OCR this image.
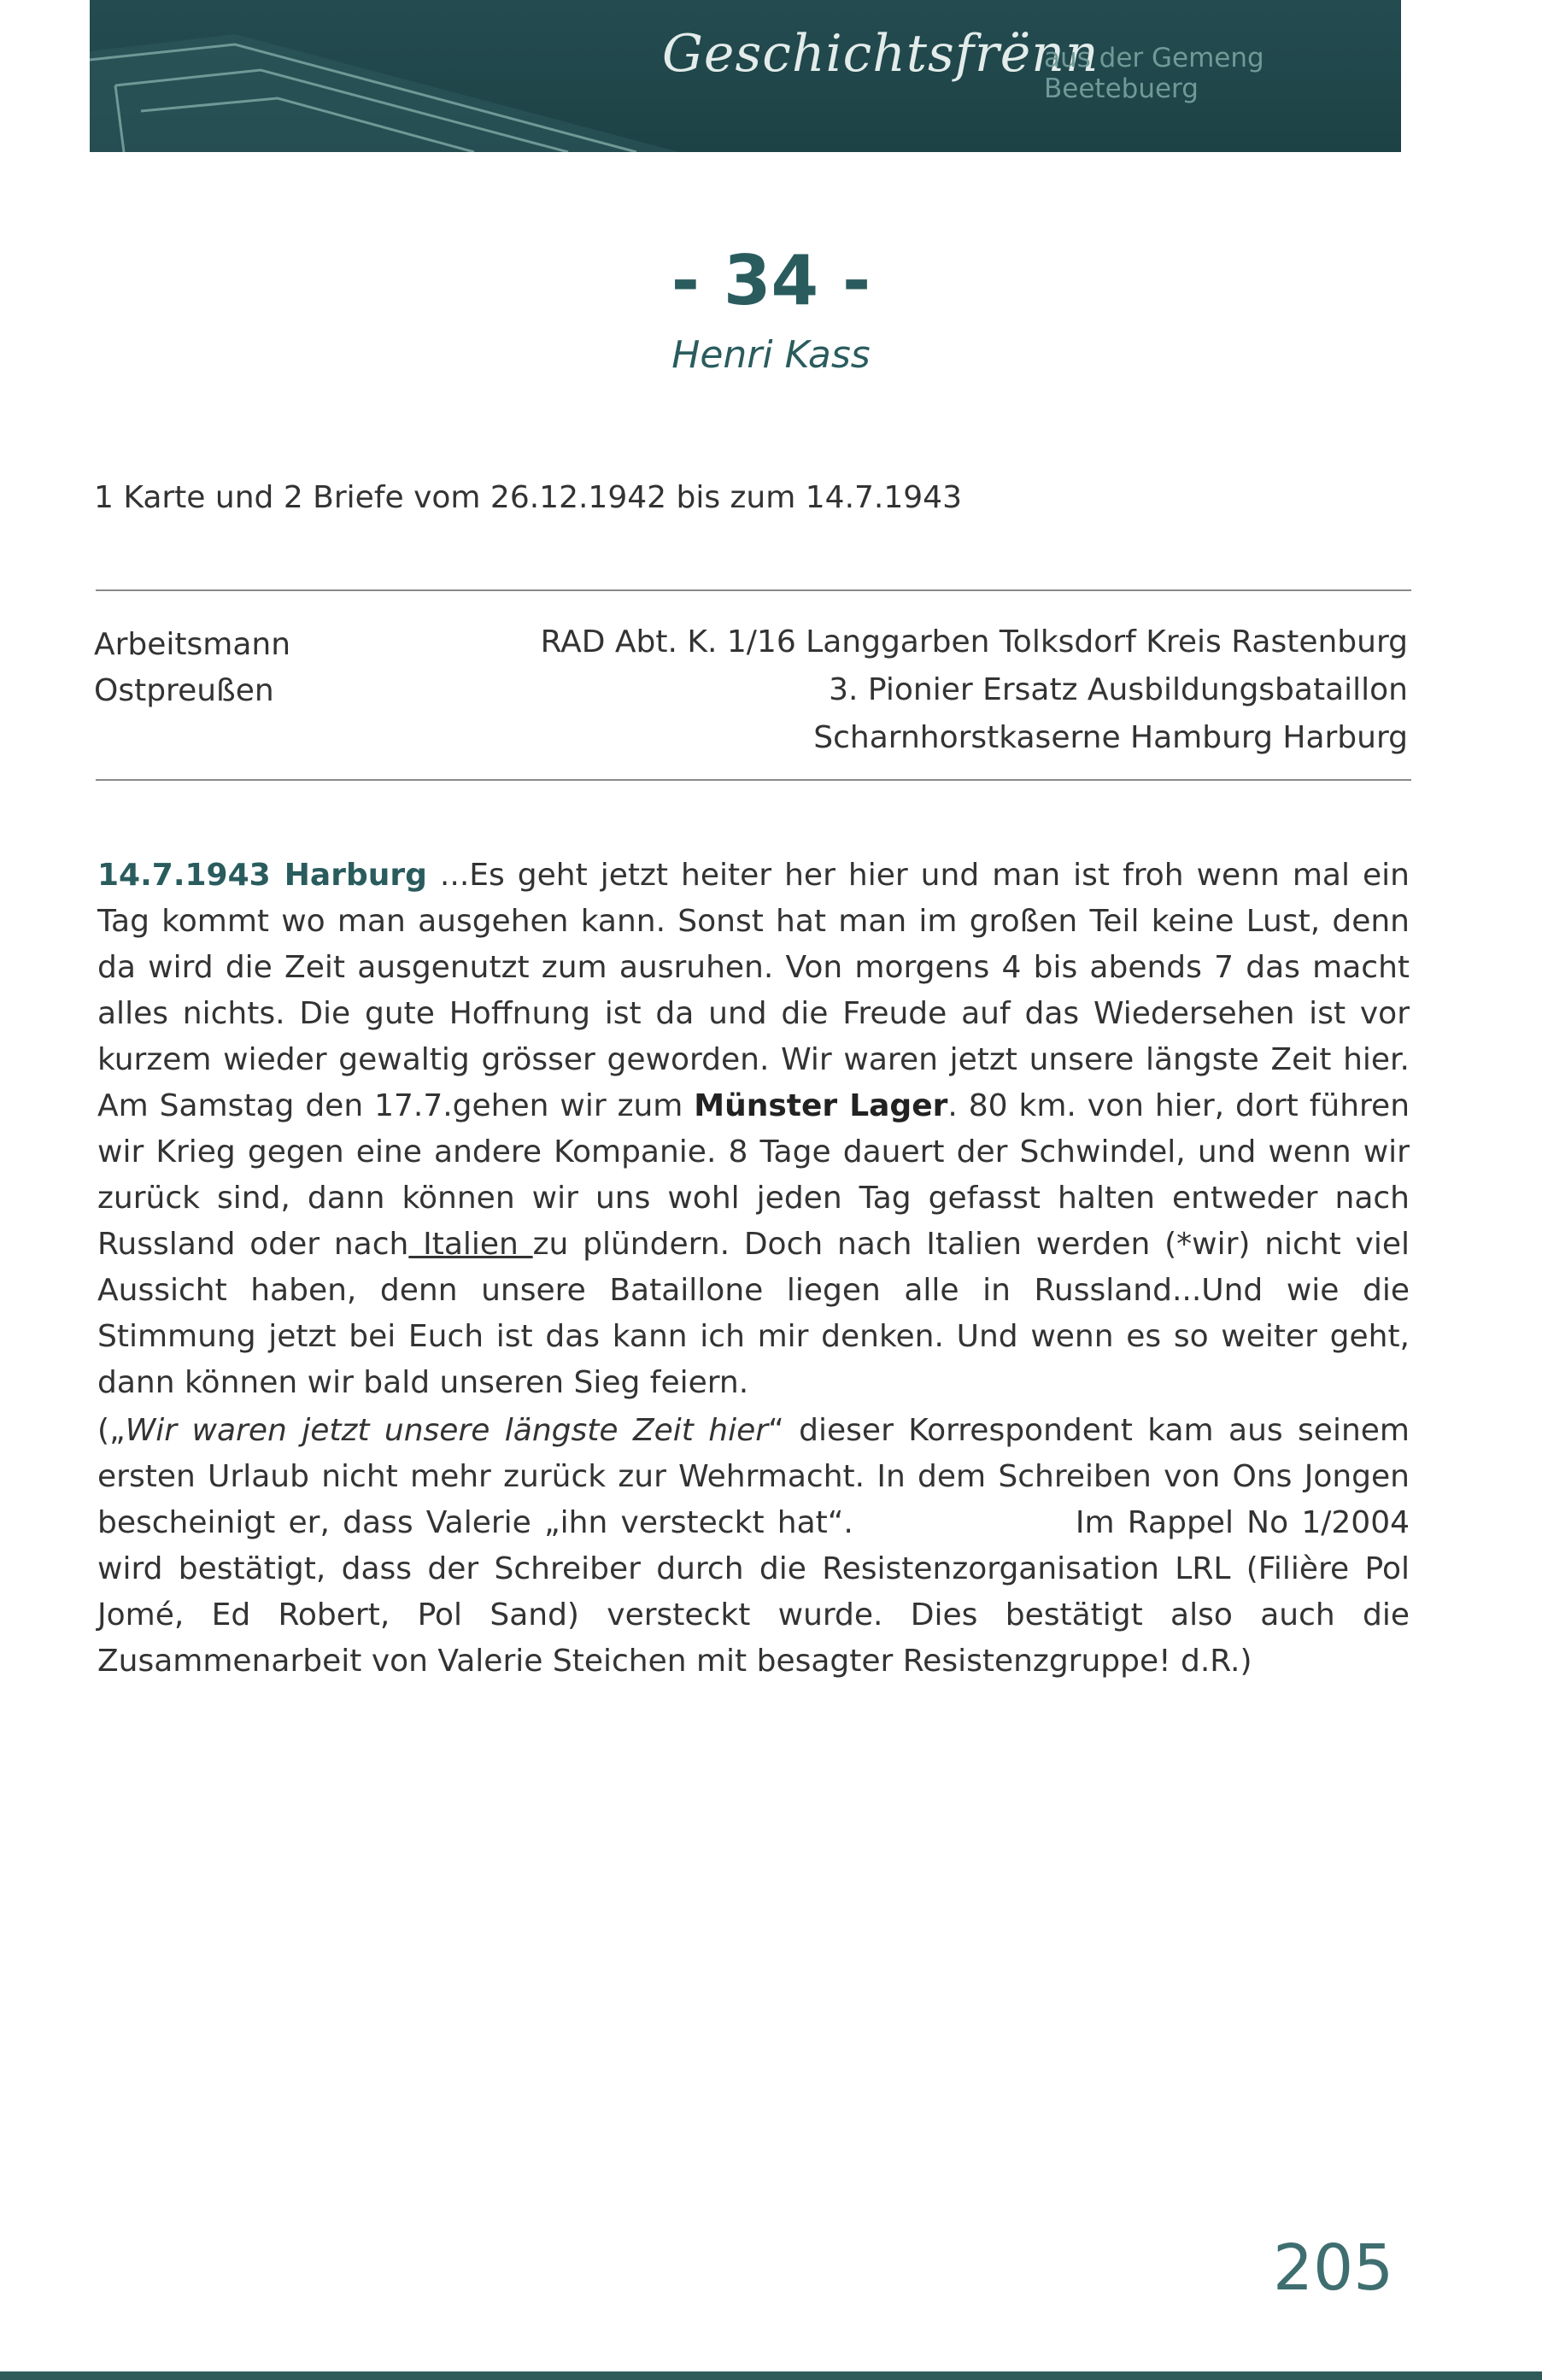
Geschichtsfrënn
aus der Gemeng Beetebuerg
- 34 -
Henri Kass
1 Karte und 2 Briefe vom 26.12.1942 bis zum 14.7.1943
Arbeitsmann
Ostpreußen
RAD Abt. K. 1/16 Langgarben Tolksdorf Kreis Rastenburg
3. Pionier Ersatz Ausbildungsbataillon
Scharnhorstkaserne Hamburg Harburg
14.7.1943 Harburg ...Es geht jetzt heiter her hier und man ist froh wenn mal ein Tag kommt wo man ausgehen kann. Sonst hat man im großen Teil keine Lust, denn da wird die Zeit ausgenutzt zum ausruhen. Von morgens 4 bis abends 7 das macht alles nichts. Die gute Hoffnung ist da und die Freude auf das Wiedersehen ist vor kurzem wieder gewaltig grösser geworden. Wir waren jetzt unsere längste Zeit hier. Am Samstag den 17.7.gehen wir zum Münster Lager. 80 km. von hier, dort führen wir Krieg gegen eine andere Kompanie. 8 Tage dauert der Schwindel, und wenn wir zurück sind, dann können wir uns wohl jeden Tag gefasst halten entweder nach Russland oder nach Italien zu plündern. Doch nach Italien werden (*wir) nicht viel Aussicht haben, denn unsere Bataillone liegen alle in Russland...Und wie die Stimmung jetzt bei Euch ist das kann ich mir denken. Und wenn es so weiter geht, dann können wir bald unseren Sieg feiern.
(„Wir waren jetzt unsere längste Zeit hier“ dieser Korrespondent kam aus seinem ersten Urlaub nicht mehr zurück zur Wehrmacht. In dem Schreiben von Ons Jongen bescheinigt er, dass Valerie „ihn versteckt hat“.	Im Rappel No 1/2004 wird bestätigt, dass der Schreiber durch die Resistenzorganisation LRL (Filière Pol Jomé, Ed Robert, Pol Sand) versteckt wurde. Dies bestätigt also auch die Zusammenarbeit von Valerie Steichen mit besagter Resistenzgruppe! d.R.)
205
